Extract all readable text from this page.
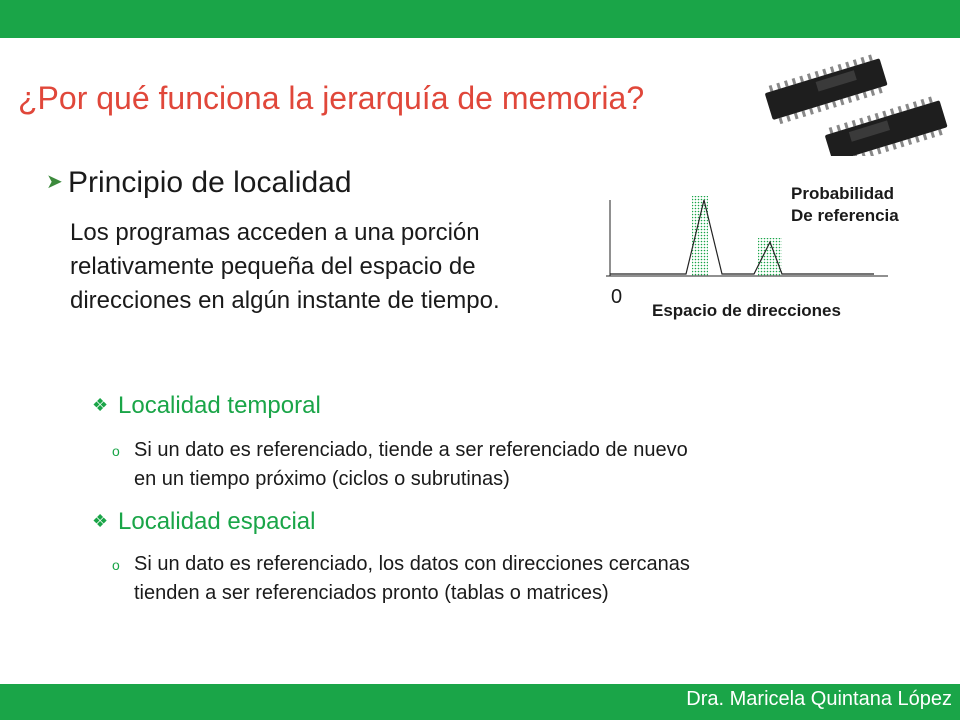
¿Por qué funciona la jerarquía de memoria?
➤ Principio de localidad
Los programas acceden a una porción relativamente pequeña del espacio de direcciones en algún instante de tiempo.	0
Espacio de direcciones
Probabilidad
De referencia
❖ Localidad temporal
o Si un dato es referenciado, tiende a ser referenciado de nuevo
en un tiempo próximo (ciclos o subrutinas)
❖ Localidad espacial
o Si un dato es referenciado, los datos con direcciones cercanas
tienden a ser referenciados pronto (tablas o matrices)
Dra. Maricela Quintana López
